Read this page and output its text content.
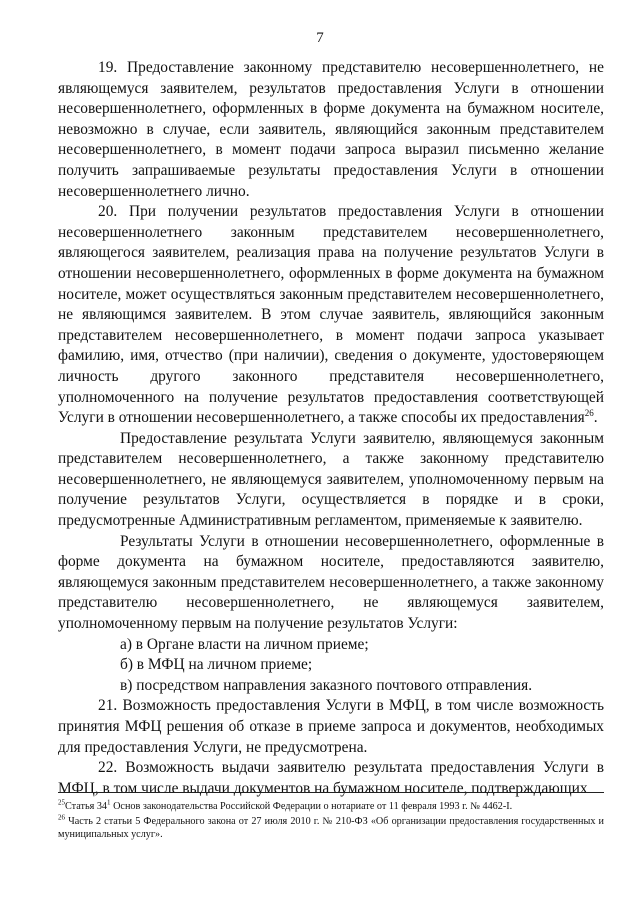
7

19. Предоставление законному представителю несовершеннолетнего, не являющемуся заявителем, результатов предоставления Услуги в отношении несовершеннолетнего, оформленных в форме документа на бумажном носителе, невозможно в случае, если заявитель, являющийся законным представителем несовершеннолетнего, в момент подачи запроса выразил письменно желание получить запрашиваемые результаты предоставления Услуги в отношении несовершеннолетнего лично.

20. При получении результатов предоставления Услуги в отношении несовершеннолетнего законным представителем несовершеннолетнего, являющегося заявителем, реализация права на получение результатов Услуги в отношении несовершеннолетнего, оформленных в форме документа на бумажном носителе, может осуществляться законным представителем несовершеннолетнего, не являющимся заявителем. В этом случае заявитель, являющийся законным представителем несовершеннолетнего, в момент подачи запроса указывает фамилию, имя, отчество (при наличии), сведения о документе, удостоверяющем личность другого законного представителя несовершеннолетнего, уполномоченного на получение результатов предоставления соответствующей Услуги в отношении несовершеннолетнего, а также способы их предоставления$^{26}$.

Предоставление результата Услуги заявителю, являющемуся законным представителем несовершеннолетнего, а также законному представителю несовершеннолетнего, не являющемуся заявителем, уполномоченному первым на получение результатов Услуги, осуществляется в порядке и в сроки, предусмотренные Административным регламентом, применяемые к заявителю.

Результаты Услуги в отношении несовершеннолетнего, оформленные в форме документа на бумажном носителе, предоставляются заявителю, являющемуся законным представителем несовершеннолетнего, а также законному представителю несовершеннолетнего, не являющемуся заявителем, уполномоченному первым на получение результатов Услуги:

а) в Органе власти на личном приеме;

б) в МФЦ на личном приеме;

в) посредством направления заказного почтового отправления.

21. Возможность предоставления Услуги в МФЦ, в том числе возможность принятия МФЦ решения об отказе в приеме запроса и документов, необходимых для предоставления Услуги, не предусмотрена.

22. Возможность выдачи заявителю результата предоставления Услуги в МФЦ, в том числе выдачи документов на бумажном носителе, подтверждающих

$^{25}$Статья $34^1$ Основ законодательства Российской Федерации о нотариате от 11 февраля 1993 г. № 4462-I.

$^{26}$ Часть 2 статьи 5 Федерального закона от 27 июля 2010 г. № 210-ФЗ «Об организации предоставления государственных и муниципальных услуг».
